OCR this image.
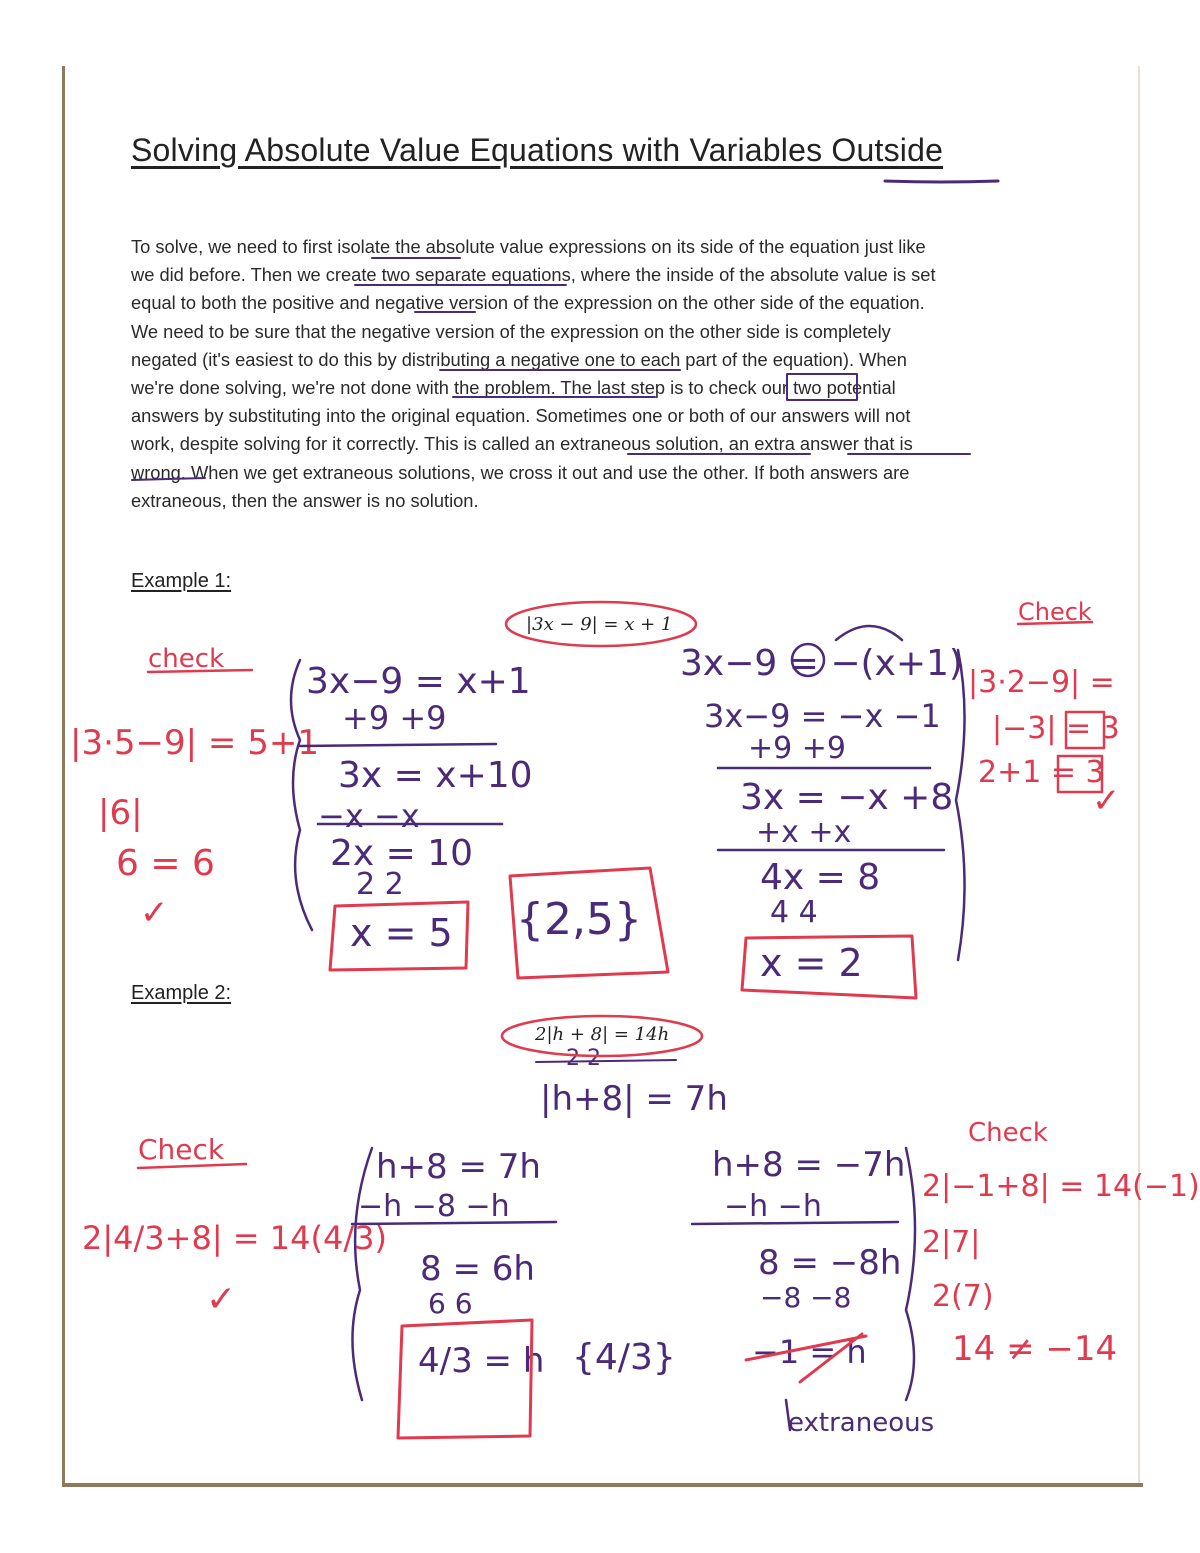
Solving Absolute Value Equations with Variables Outside
To solve, we need to first isolate the absolute value expressions on its side of the equation just like
we did before. Then we create two separate equations, where the inside of the absolute value is set
equal to both the positive and negative version of the expression on the other side of the equation.
We need to be sure that the negative version of the expression on the other side is completely
negated (it's easiest to do this by distributing a negative one to each part of the equation). When
we're done solving, we're not done with the problem. The last step is to check our two potential
answers by substituting into the original equation. Sometimes one or both of our answers will not
work, despite solving for it correctly. This is called an extraneous solution, an extra answer that is
wrong. When we get extraneous solutions, we cross it out and use the other. If both answers are
extraneous, then the answer is no solution.
Example 1:
|3x − 9| = x + 1
check
|3·5−9| = 5+1
|6|
6 = 6
✓
3x−9 = x+1
+9 +9
3x = x+10
−x −x
2x = 10
2 2
x = 5 {2,5}
3x−9 = −(x+1)
3x−9 = −x −1
+9 +9
3x = −x +8
+x +x
4x = 8
4 4
x = 2
Check
|3·2−9| =
|−3| = 3
2+1 = 3
✓
Example 2:
2|h + 8| = 14h
2 2
|h+8| = 7h
Check
2|4/3+8| = 14(4/3)
✓
h+8 = 7h
−h −8 −h
8 = 6h
6 6
4/3 = h {4/3}
h+8 = −7h
−h −h
8 = −8h
−8 −8
−1 = h
extraneous
Check
2|−1+8| = 14(−1)
2|7|
2(7)
14 ≠ −14
